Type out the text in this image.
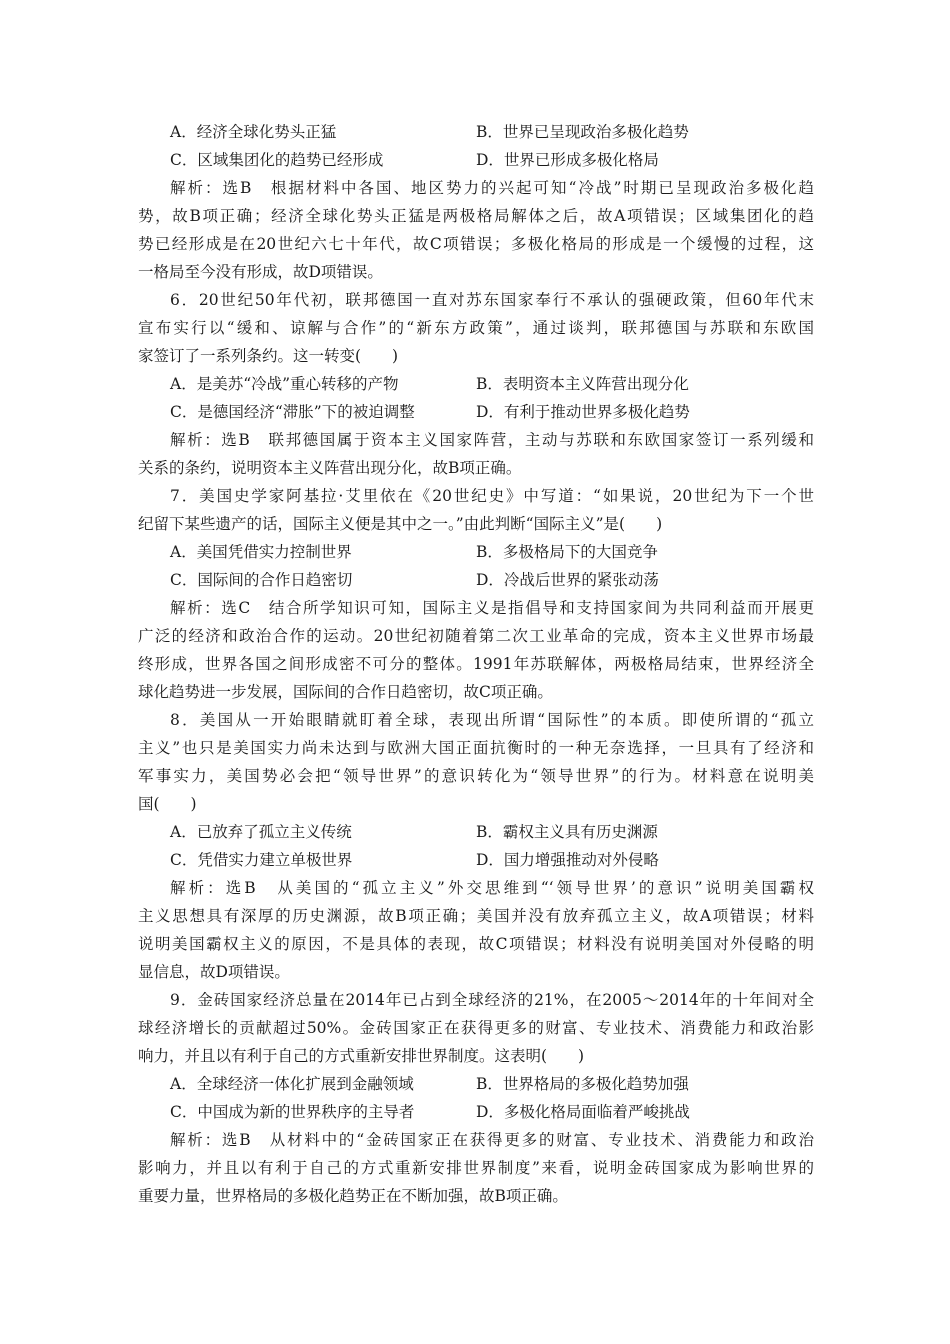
A．经济全球化势头正猛	B．世界已呈现政治多极化趋势
C．区域集团化的趋势已经形成	D．世界已形成多极化格局
解析：选B　根据材料中各国、地区势力的兴起可知“冷战”时期已呈现政治多极化趋
势，故B项正确；经济全球化势头正猛是两极格局解体之后，故A项错误；区域集团化的趋
势已经形成是在20世纪六七十年代，故C项错误；多极化格局的形成是一个缓慢的过程，这
一格局至今没有形成，故D项错误。
6．20世纪50年代初，联邦德国一直对苏东国家奉行不承认的强硬政策，但60年代末
宣布实行以“缓和、谅解与合作”的“新东方政策”，通过谈判，联邦德国与苏联和东欧国
家签订了一系列条约。这一转变(　　)
A．是美苏“冷战”重心转移的产物	B．表明资本主义阵营出现分化
C．是德国经济“滞胀”下的被迫调整	D．有利于推动世界多极化趋势
解析：选B　联邦德国属于资本主义国家阵营，主动与苏联和东欧国家签订一系列缓和
关系的条约，说明资本主义阵营出现分化，故B项正确。
7．美国史学家阿基拉·艾里依在《20世纪史》中写道：“如果说，20世纪为下一个世
纪留下某些遗产的话，国际主义便是其中之一。”由此判断“国际主义”是(　　)
A．美国凭借实力控制世界	B．多极格局下的大国竞争
C．国际间的合作日趋密切	D．冷战后世界的紧张动荡
解析：选C　结合所学知识可知，国际主义是指倡导和支持国家间为共同利益而开展更
广泛的经济和政治合作的运动。20世纪初随着第二次工业革命的完成，资本主义世界市场最
终形成，世界各国之间形成密不可分的整体。1991年苏联解体，两极格局结束，世界经济全
球化趋势进一步发展，国际间的合作日趋密切，故C项正确。
8．美国从一开始眼睛就盯着全球，表现出所谓“国际性”的本质。即使所谓的“孤立
主义”也只是美国实力尚未达到与欧洲大国正面抗衡时的一种无奈选择，一旦具有了经济和
军事实力，美国势必会把“领导世界”的意识转化为“领导世界”的行为。材料意在说明美
国(　　)
A．已放弃了孤立主义传统	B．霸权主义具有历史渊源
C．凭借实力建立单极世界	D．国力增强推动对外侵略
解析：选B　从美国的“孤立主义”外交思维到“‘领导世界’的意识”说明美国霸权
主义思想具有深厚的历史渊源，故B项正确；美国并没有放弃孤立主义，故A项错误；材料
说明美国霸权主义的原因，不是具体的表现，故C项错误；材料没有说明美国对外侵略的明
显信息，故D项错误。
9．金砖国家经济总量在2014年已占到全球经济的21%，在2005～2014年的十年间对全
球经济增长的贡献超过50%。金砖国家正在获得更多的财富、专业技术、消费能力和政治影
响力，并且以有利于自己的方式重新安排世界制度。这表明(　　)
A．全球经济一体化扩展到金融领域	B．世界格局的多极化趋势加强
C．中国成为新的世界秩序的主导者	D．多极化格局面临着严峻挑战
解析：选B　从材料中的“金砖国家正在获得更多的财富、专业技术、消费能力和政治
影响力，并且以有利于自己的方式重新安排世界制度”来看，说明金砖国家成为影响世界的
重要力量，世界格局的多极化趋势正在不断加强，故B项正确。
